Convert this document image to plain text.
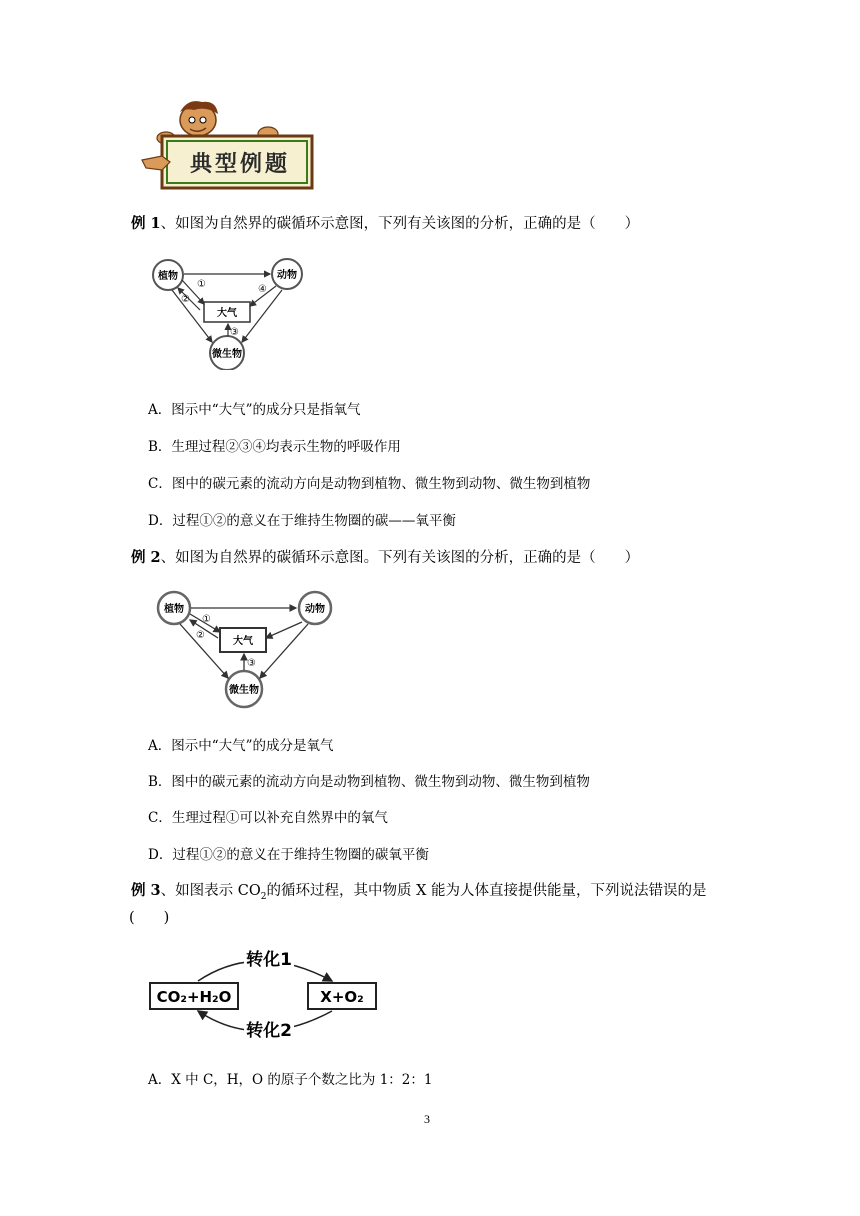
典型例题
例 1、如图为自然界的碳循环示意图，下列有关该图的分析，正确的是（　　）
植物	动物
微生物
大气
①
②
③
④
A．图示中“大气”的成分只是指氧气
B．生理过程②③④均表示生物的呼吸作用
C．图中的碳元素的流动方向是动物到植物、微生物到动物、微生物到植物
D．过程①②的意义在于维持生物圈的碳——氧平衡
例 2、如图为自然界的碳循环示意图。下列有关该图的分析，正确的是（　　）
植物	动物
微生物
大气
①
②
③
A．图示中“大气”的成分是氧气
B．图中的碳元素的流动方向是动物到植物、微生物到动物、微生物到植物
C．生理过程①可以补充自然界中的氧气
D．过程①②的意义在于维持生物圈的碳氧平衡
例 3、如图表示 $CO_2$的循环过程，其中物质 X 能为人体直接提供能量，下列说法错误的是
(　　)
转化1
转化2
CO₂+H₂O	X+O₂
A．X 中 C，H，O 的原子个数之比为 1：2：1
3
